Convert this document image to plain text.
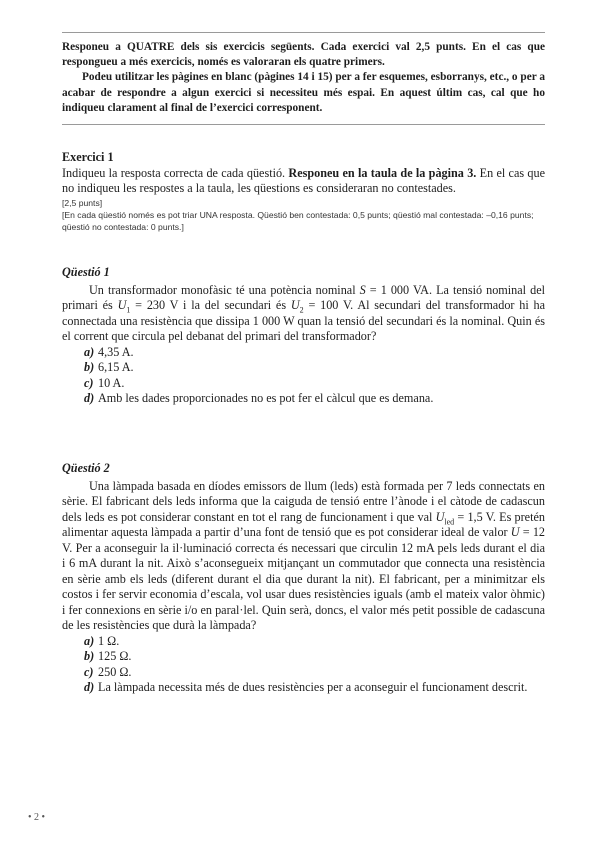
Responeu a QUATRE dels sis exercicis següents. Cada exercici val 2,5 punts. En el cas que respongueu a més exercicis, només es valoraran els quatre primers.

Podeu utilitzar les pàgines en blanc (pàgines 14 i 15) per a fer esquemes, esborranys, etc., o per a acabar de respondre a algun exercici si necessiteu més espai. En aquest últim cas, cal que ho indiqueu clarament al final de l’exercici corresponent.

Exercici 1
Indiqueu la resposta correcta de cada qüestió. Responeu en la taula de la pàgina 3. En el cas que no indiqueu les respostes a la taula, les qüestions es consideraran no contestades.
[2,5 punts]
[En cada qüestió només es pot triar UNA resposta. Qüestió ben contestada: 0,5 punts; qüestió mal contestada: –0,16 punts; qüestió no contestada: 0 punts.]
Qüestió 1
Un transformador monofàsic té una potència nominal S = 1 000 VA. La tensió nominal del primari és $U_1 = 230$ V i la del secundari és $U_2 = 100$ V. Al secundari del transformador hi ha connectada una resistència que dissipa 1 000 W quan la tensió del secundari és la nominal. Quin és el corrent que circula pel debanat del primari del transformador?
a) 4,35 A.
b) 6,15 A.
c) 10 A.
d) Amb les dades proporcionades no es pot fer el càlcul que es demana.
Qüestió 2
Una làmpada basada en díodes emissors de llum (leds) està formada per 7 leds connectats en sèrie. El fabricant dels leds informa que la caiguda de tensió entre l’ànode i el càtode de cadascun dels leds es pot considerar constant en tot el rang de funcionament i que val $U_{led} = 1,5$ V. Es pretén alimentar aquesta làmpada a partir d’una font de tensió que es pot considerar ideal de valor U = 12 V. Per a aconseguir la il·luminació correcta és necessari que circulin 12 mA pels leds durant el dia i 6 mA durant la nit. Això s’aconsegueix mitjançant un commutador que connecta una resistència en sèrie amb els leds (diferent durant el dia que durant la nit). El fabricant, per a minimitzar els costos i fer servir economia d’escala, vol usar dues resistències iguals (amb el mateix valor òhmic) i fer connexions en sèrie i/o en paral·lel. Quin serà, doncs, el valor més petit possible de cadascuna de les resistències que durà la làmpada?
a) 1 Ω.
b) 125 Ω.
c) 250 Ω.
d) La làmpada necessita més de dues resistències per a aconseguir el funcionament descrit.
• 2 •
